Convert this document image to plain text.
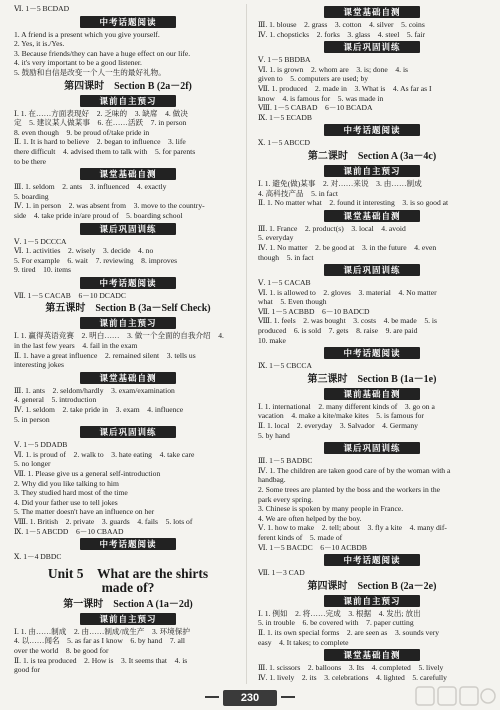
Ⅵ. 1－5 BCDAD
中考话题阅读
1. A friend is a present which you give yourself.
2. Yes, it is./Yes.
3. Because friends/they can have a huge effect on our life.
4. it's very important to be a good listener.
5. 鼓励和自信是改变一个人一生的最好礼物。
第四课时　Section B (2a－2f)
课前自主预习
Ⅰ. 1. 在……方面表现好　2. 乏味的　3. 缺席　4. 做决
定　5. 建议某人做某事　6. 在……活跃　7. in person
8. even though　9. be proud of/take pride in
Ⅱ. 1. It is hard to believe　2. began to influence　3. life
there difficult　4. advised them to talk with　5. for parents
to be there
课堂基础自测
Ⅲ. 1. seldom　2. ants　3. influenced　4. exactly
5. boarding
Ⅳ. 1. in person　2. was absent from　3. move to the country-
side　4. take pride in/are proud of　5. boarding school
课后巩固训练
Ⅴ. 1－5 DCCCA
Ⅵ. 1. activities　2. wisely　3. decide　4. no
5. For example　6. wait　7. reviewing　8. improves
9. tired　10. items
中考话题阅读
Ⅶ. 1－5 CACAB　6－10 DCADC
第五课时　Section B (3a－Self Check)
课前自主预习
Ⅰ. 1. 赢得英语竞赛　2. 明白……　3. 做一个全面的自我介绍　4.
in the last few years　4. fail in the exam
Ⅱ. 1. have a great influence　2. remained silent　3. tells us
interesting jokes
课堂基础自测
Ⅲ. 1. ants　2. seldom/hardly　3. exam/examination
4. general　5. introduction
Ⅳ. 1. seldom　2. take pride in　3. exam　4. influence
5. in person
课后巩固训练
Ⅴ. 1－5 DDADB
Ⅵ. 1. is proud of　2. walk to　3. hate eating　4. take care
5. no longer
Ⅶ. 1. Please give us a general self-introduction
2. Why did you like talking to him
3. They studied hard most of the time
4. Did your father use to tell jokes
5. The matter doesn't have an influence on her
Ⅷ. 1. British　2. private　3. guards　4. fails　5. lots of
Ⅸ. 1－5 ABCDD　6－10 CBAAD
中考话题阅读
Ⅹ. 1－4 DBDC
Unit 5　What are the shirts
made of?
第一课时　Section A (1a－2d)
课前自主预习
Ⅰ. 1. 由……制成　2. 由……制成/成生产　3. 环境保护
4. 以……闻名　5. as far as I know　6. by hand　7. all
over the world　8. be good for
Ⅱ. 1. is tea produced　2. How is　3. It seems that　4. is
good for
课堂基础自测
Ⅲ. 1. blouse　2. grass　3. cotton　4. silver　5. coins
Ⅳ. 1. chopsticks　2. forks　3. glass　4. steel　5. fair
课后巩固训练
Ⅴ. 1－5 BBDBA
Ⅵ. 1. is grown　2. whom are　3. is; done　4. is
given to　5. computers are used; by
Ⅶ. 1. produced　2. made in　3. What is　4. As far as I
know　4. is famous for　5. was made in
Ⅷ. 1－5 CABAD　6－10 BCADA
Ⅸ. 1－5 ECADB
中考话题阅读
Ⅹ. 1－5 ABCCD
第二课时　Section A (3a－4c)
课前自主预习
Ⅰ. 1. 避免(做)某事　2. 对……来说　3. 由……制成
4. 高科技产品　5. in fact
Ⅱ. 1. No matter what　2. found it interesting　3. is so good at
课堂基础自测
Ⅲ. 1. France　2. product(s)　3. local　4. avoid
5. everyday
Ⅳ. 1. No matter　2. be good at　3. in the future　4. even
though　5. in fact
课后巩固训练
Ⅴ. 1－5 CACAB
Ⅵ. 1. is allowed to　2. gloves　3. material　4. No matter
what　5. Even though
Ⅶ. 1－5 ACBBD　6－10 BADCD
Ⅷ. 1. feels　2. was bought　3. costs　4. be made　5. is
produced　6. is sold　7. gets　8. raise　9. are paid
10. make
中考话题阅读
Ⅸ. 1－5 CBCCA
第三课时　Section B (1a－1e)
课前基础自测
Ⅰ. 1. international　2. many different kinds of　3. go on a
vacation　4. make a kite/make kites　5. is famous for
Ⅱ. 1. local　2. everyday　3. Salvador　4. Germany
5. by hand
课后巩固训练
Ⅲ. 1－5 BADBC
Ⅳ. 1. The children are taken good care of by the woman with a
handbag.
2. Some trees are planted by the boss and the workers in the
park every spring.
3. Chinese is spoken by many people in France.
4. We are often helped by the boy.
Ⅴ. 1. how to make　2. tell; about　3. fly a kite　4. many dif-
ferent kinds of　5. made of
Ⅵ. 1－5 BACDC　6－10 ACBDB
中考话题阅读
Ⅶ. 1－3 CAD
第四课时　Section B (2a－2e)
课前自主预习
Ⅰ. 1. 例如　2. 将……完成　3. 根据　4. 发出; 放出
5. in trouble　6. be covered with　7. paper cutting
Ⅱ. 1. its own special forms　2. are seen as　3. sounds very
easy　4. It takes; to complete
课堂基础自测
Ⅲ. 1. scissors　2. balloons　3. Its　4. completed　5. lively
Ⅳ. 1. lively　2. its　3. celebrations　4. lighted　5. carefully
230
